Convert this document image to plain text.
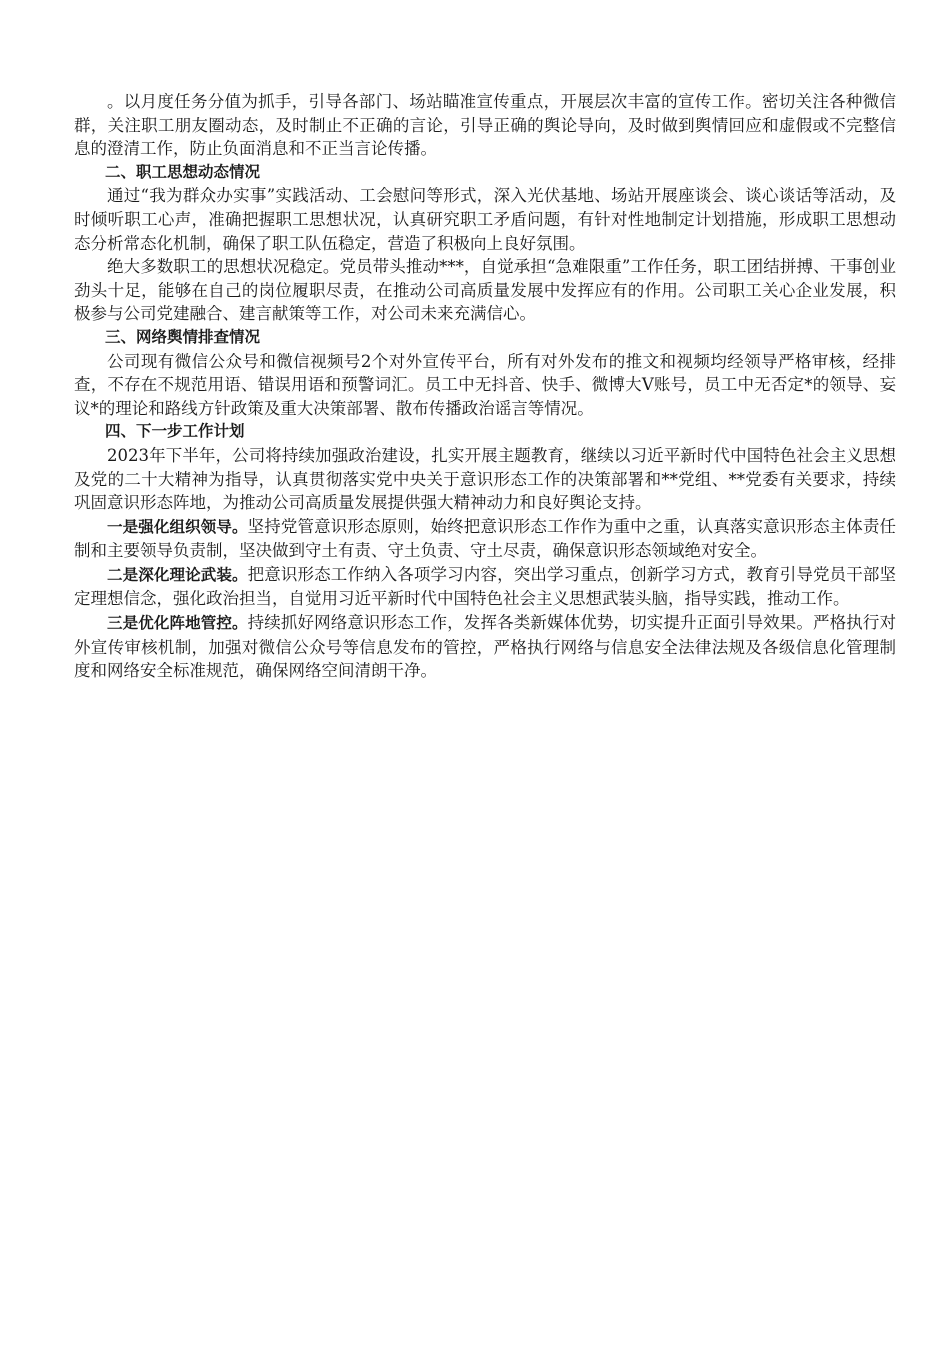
。以月度任务分值为抓手，引导各部门、场站瞄准宣传重点，开展层次丰富的宣传工作。密切关注各种微信群，关注职工朋友圈动态，及时制止不正确的言论，引导正确的舆论导向，及时做到舆情回应和虚假或不完整信息的澄清工作，防止负面消息和不正当言论传播。

二、职工思想动态情况

通过“我为群众办实事”实践活动、工会慰问等形式，深入光伏基地、场站开展座谈会、谈心谈话等活动，及时倾听职工心声，准确把握职工思想状况，认真研究职工矛盾问题，有针对性地制定计划措施，形成职工思想动态分析常态化机制，确保了职工队伍稳定，营造了积极向上良好氛围。

绝大多数职工的思想状况稳定。党员带头推动***，自觉承担“急难限重”工作任务，职工团结拼搏、干事创业劲头十足，能够在自己的岗位履职尽责，在推动公司高质量发展中发挥应有的作用。公司职工关心企业发展，积极参与公司党建融合、建言献策等工作，对公司未来充满信心。

三、网络舆情排查情况

公司现有微信公众号和微信视频号2个对外宣传平台，所有对外发布的推文和视频均经领导严格审核，经排查，不存在不规范用语、错误用语和预警词汇。员工中无抖音、快手、微博大V账号，员工中无否定*的领导、妄议*的理论和路线方针政策及重大决策部署、散布传播政治谣言等情况。

四、下一步工作计划

2023年下半年，公司将持续加强政治建设，扎实开展主题教育，继续以习近平新时代中国特色社会主义思想及党的二十大精神为指导，认真贯彻落实党中央关于意识形态工作的决策部署和**党组、**党委有关要求，持续巩固意识形态阵地，为推动公司高质量发展提供强大精神动力和良好舆论支持。

一是强化组织领导。坚持党管意识形态原则，始终把意识形态工作作为重中之重，认真落实意识形态主体责任制和主要领导负责制，坚决做到守土有责、守土负责、守土尽责，确保意识形态领域绝对安全。

二是深化理论武装。把意识形态工作纳入各项学习内容，突出学习重点，创新学习方式，教育引导党员干部坚定理想信念，强化政治担当，自觉用习近平新时代中国特色社会主义思想武装头脑，指导实践，推动工作。

三是优化阵地管控。持续抓好网络意识形态工作，发挥各类新媒体优势，切实提升正面引导效果。严格执行对外宣传审核机制，加强对微信公众号等信息发布的管控，严格执行网络与信息安全法律法规及各级信息化管理制度和网络安全标准规范，确保网络空间清朗干净。
